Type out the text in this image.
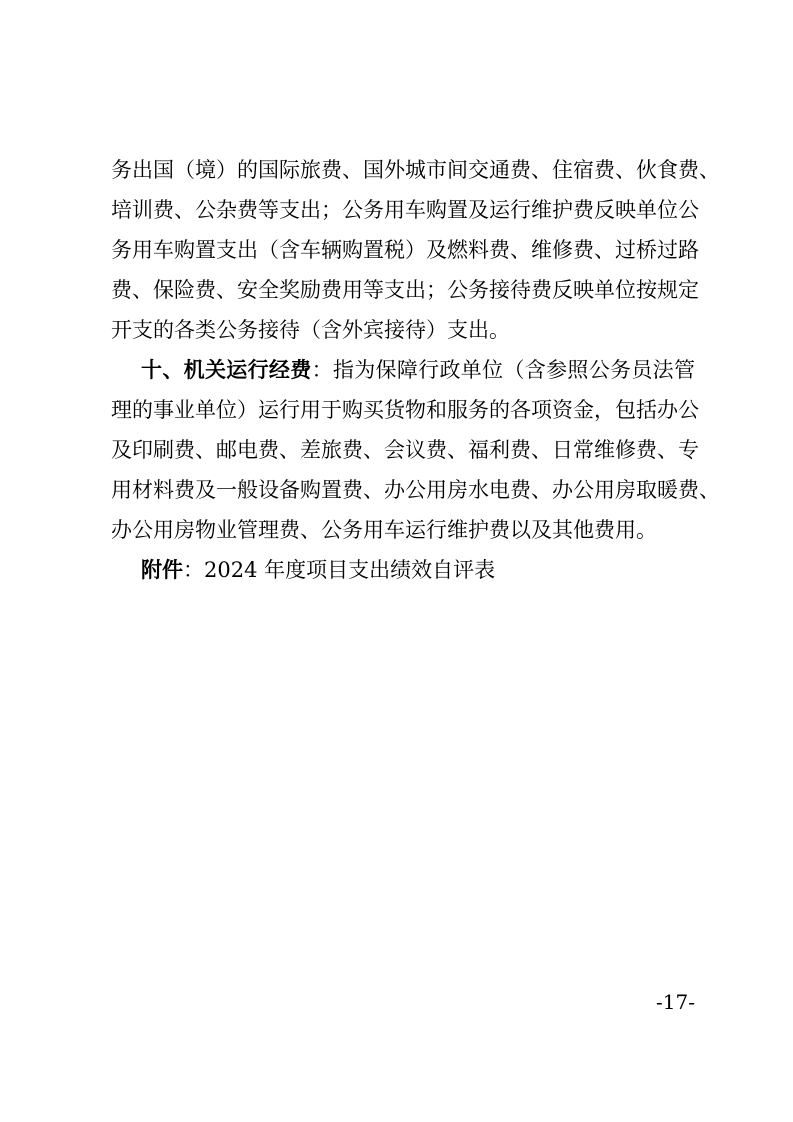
务出国（境）的国际旅费、国外城市间交通费、住宿费、伙食费、
培训费、公杂费等支出；公务用车购置及运行维护费反映单位公
务用车购置支出（含车辆购置税）及燃料费、维修费、过桥过路
费、保险费、安全奖励费用等支出；公务接待费反映单位按规定
开支的各类公务接待（含外宾接待）支出。
十、机关运行经费：指为保障行政单位（含参照公务员法管
理的事业单位）运行用于购买货物和服务的各项资金，包括办公
及印刷费、邮电费、差旅费、会议费、福利费、日常维修费、专
用材料费及一般设备购置费、办公用房水电费、办公用房取暖费、
办公用房物业管理费、公务用车运行维护费以及其他费用。
附件：2024 年度项目支出绩效自评表
-17-
